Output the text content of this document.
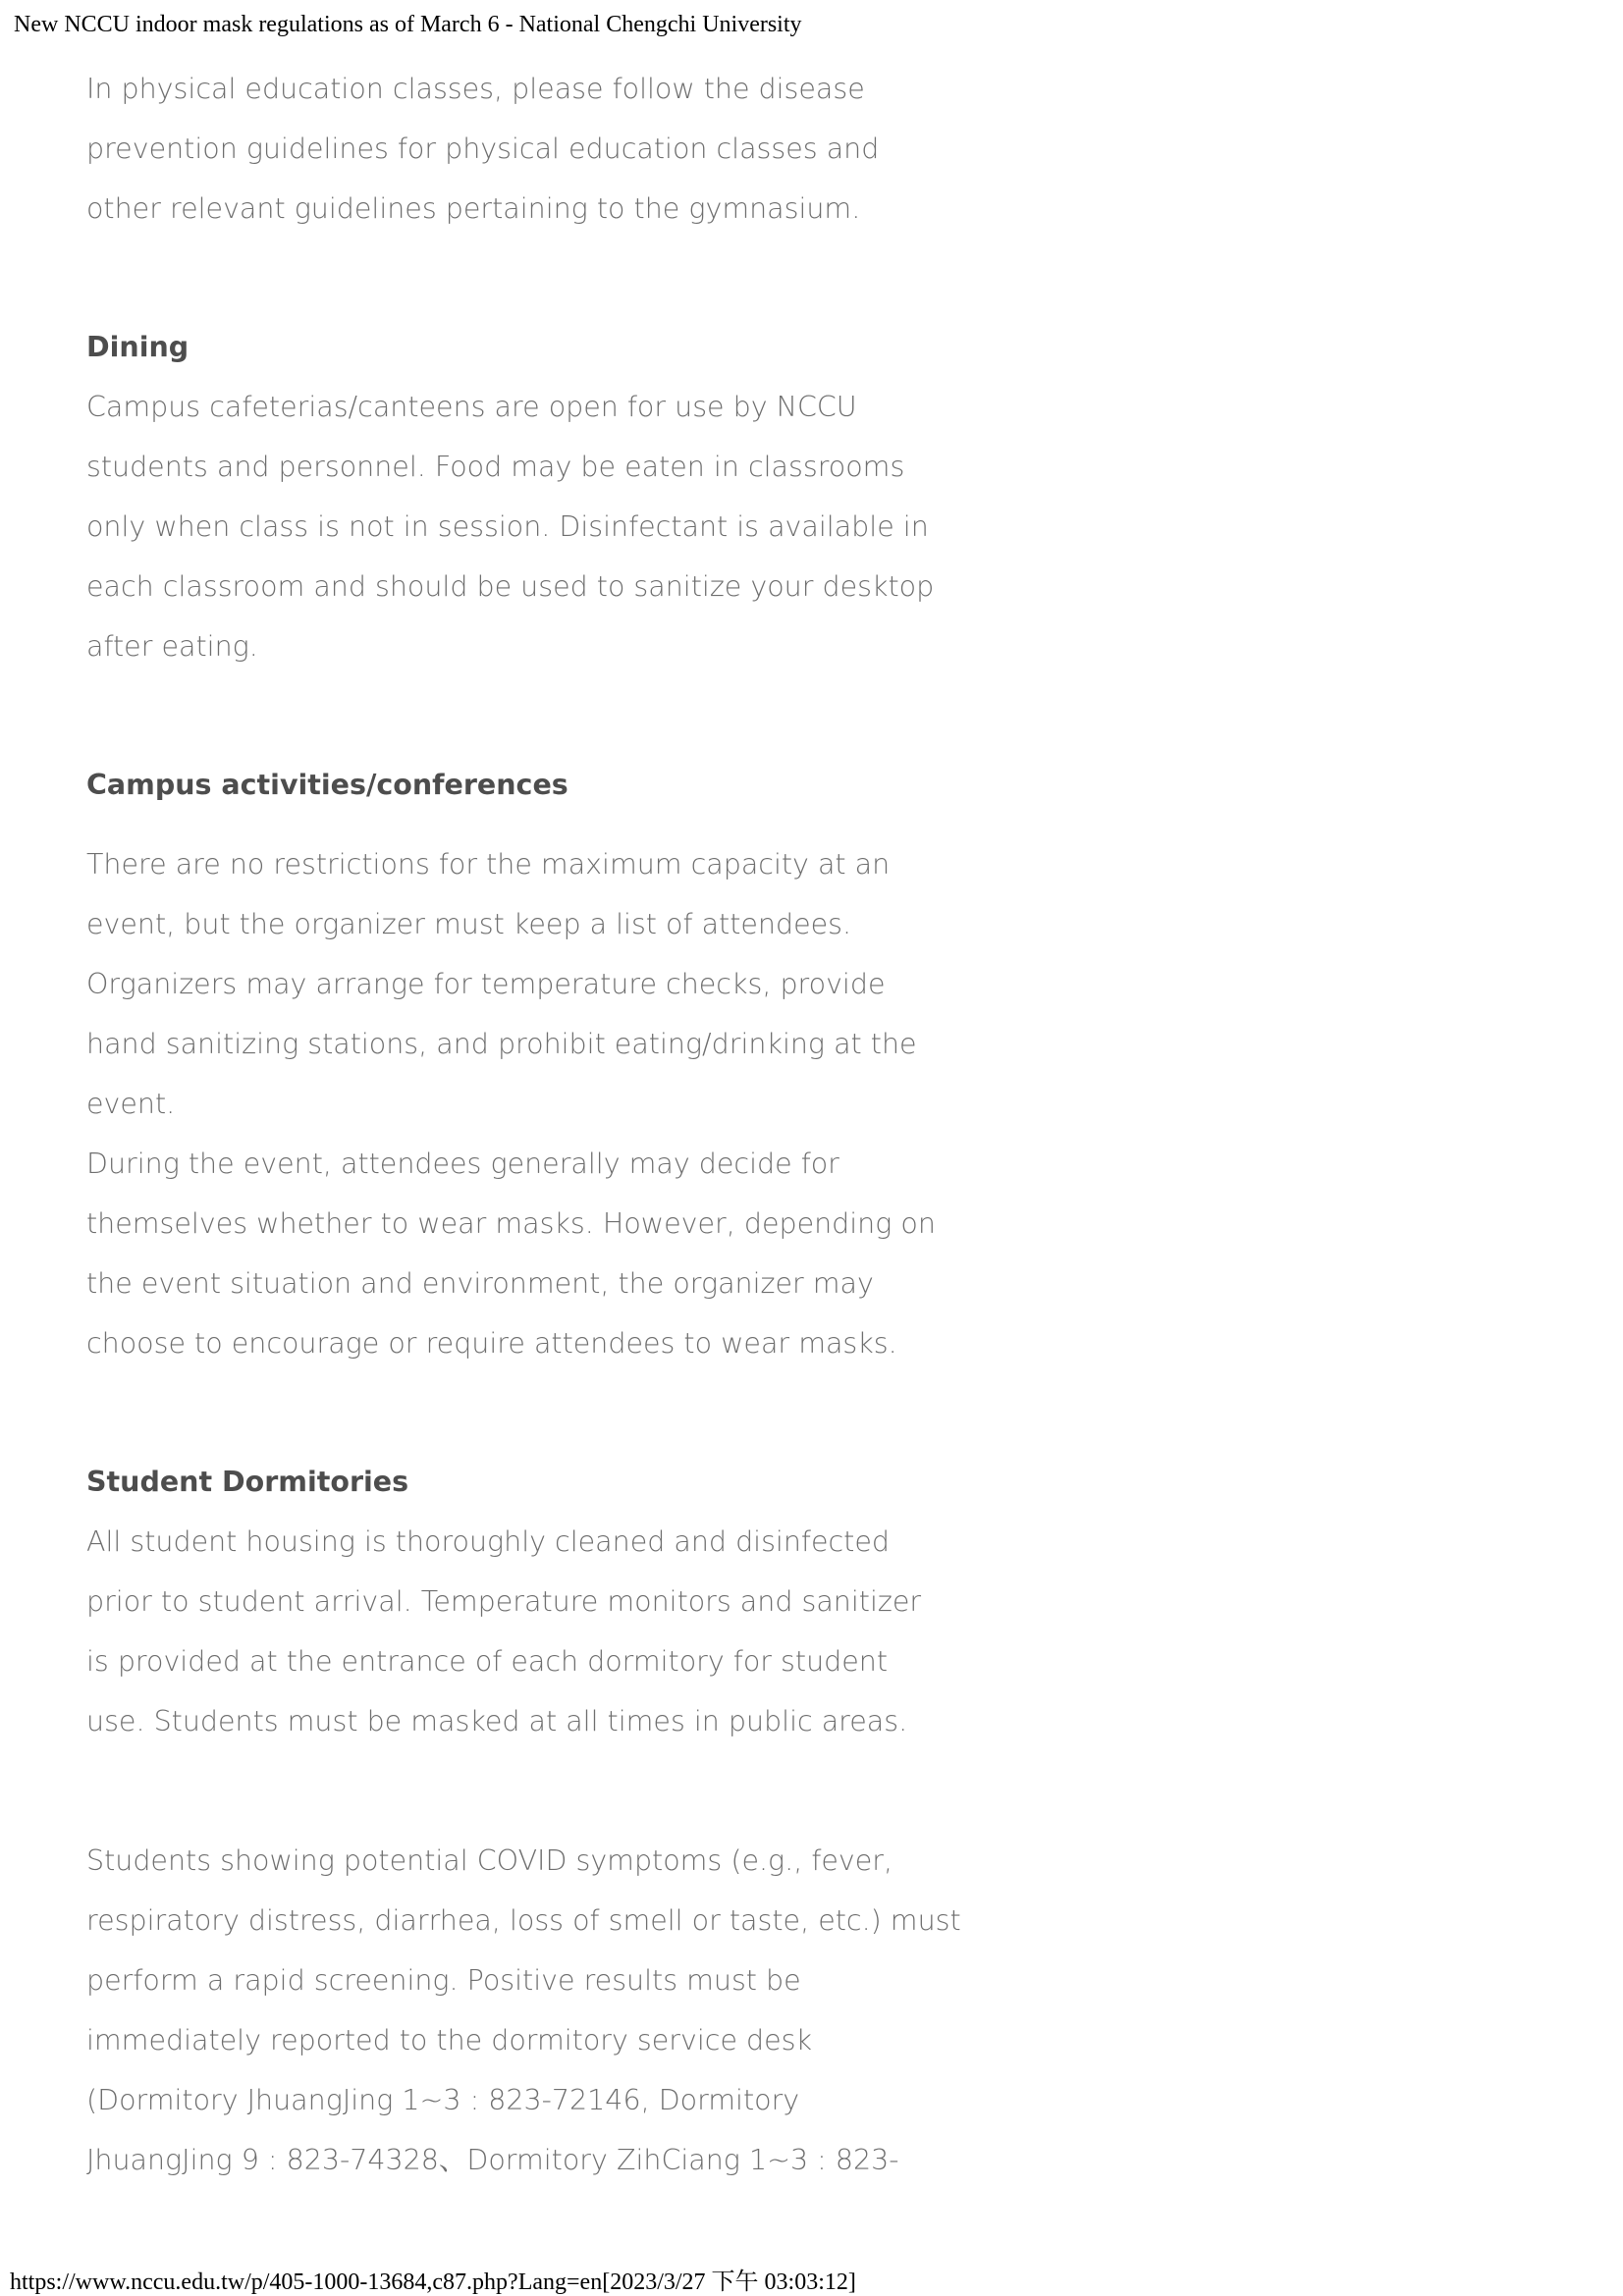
New NCCU indoor mask regulations as of March 6 - National Chengchi University
In physical education classes, please follow the disease
prevention guidelines for physical education classes and
other relevant guidelines pertaining to the gymnasium.
Dining
Campus cafeterias/canteens are open for use by NCCU
students and personnel. Food may be eaten in classrooms
only when class is not in session. Disinfectant is available in
each classroom and should be used to sanitize your desktop
after eating.
Campus activities/conferences
There are no restrictions for the maximum capacity at an
event, but the organizer must keep a list of attendees.
Organizers may arrange for temperature checks, provide
hand sanitizing stations, and prohibit eating/drinking at the
event.
During the event, attendees generally may decide for
themselves whether to wear masks. However, depending on
the event situation and environment, the organizer may
choose to encourage or require attendees to wear masks.
Student Dormitories
All student housing is thoroughly cleaned and disinfected
prior to student arrival. Temperature monitors and sanitizer
is provided at the entrance of each dormitory for student
use. Students must be masked at all times in public areas.
Students showing potential COVID symptoms (e.g., fever,
respiratory distress, diarrhea, loss of smell or taste, etc.) must
perform a rapid screening. Positive results must be
immediately reported to the dormitory service desk
(Dormitory JhuangJing 1~3 : 823-72146, Dormitory
JhuangJing 9 : 823-74328、Dormitory ZihCiang 1~3 : 823-
https://www.nccu.edu.tw/p/405-1000-13684,c87.php?Lang=en[2023/3/27 下午 03:03:12]
